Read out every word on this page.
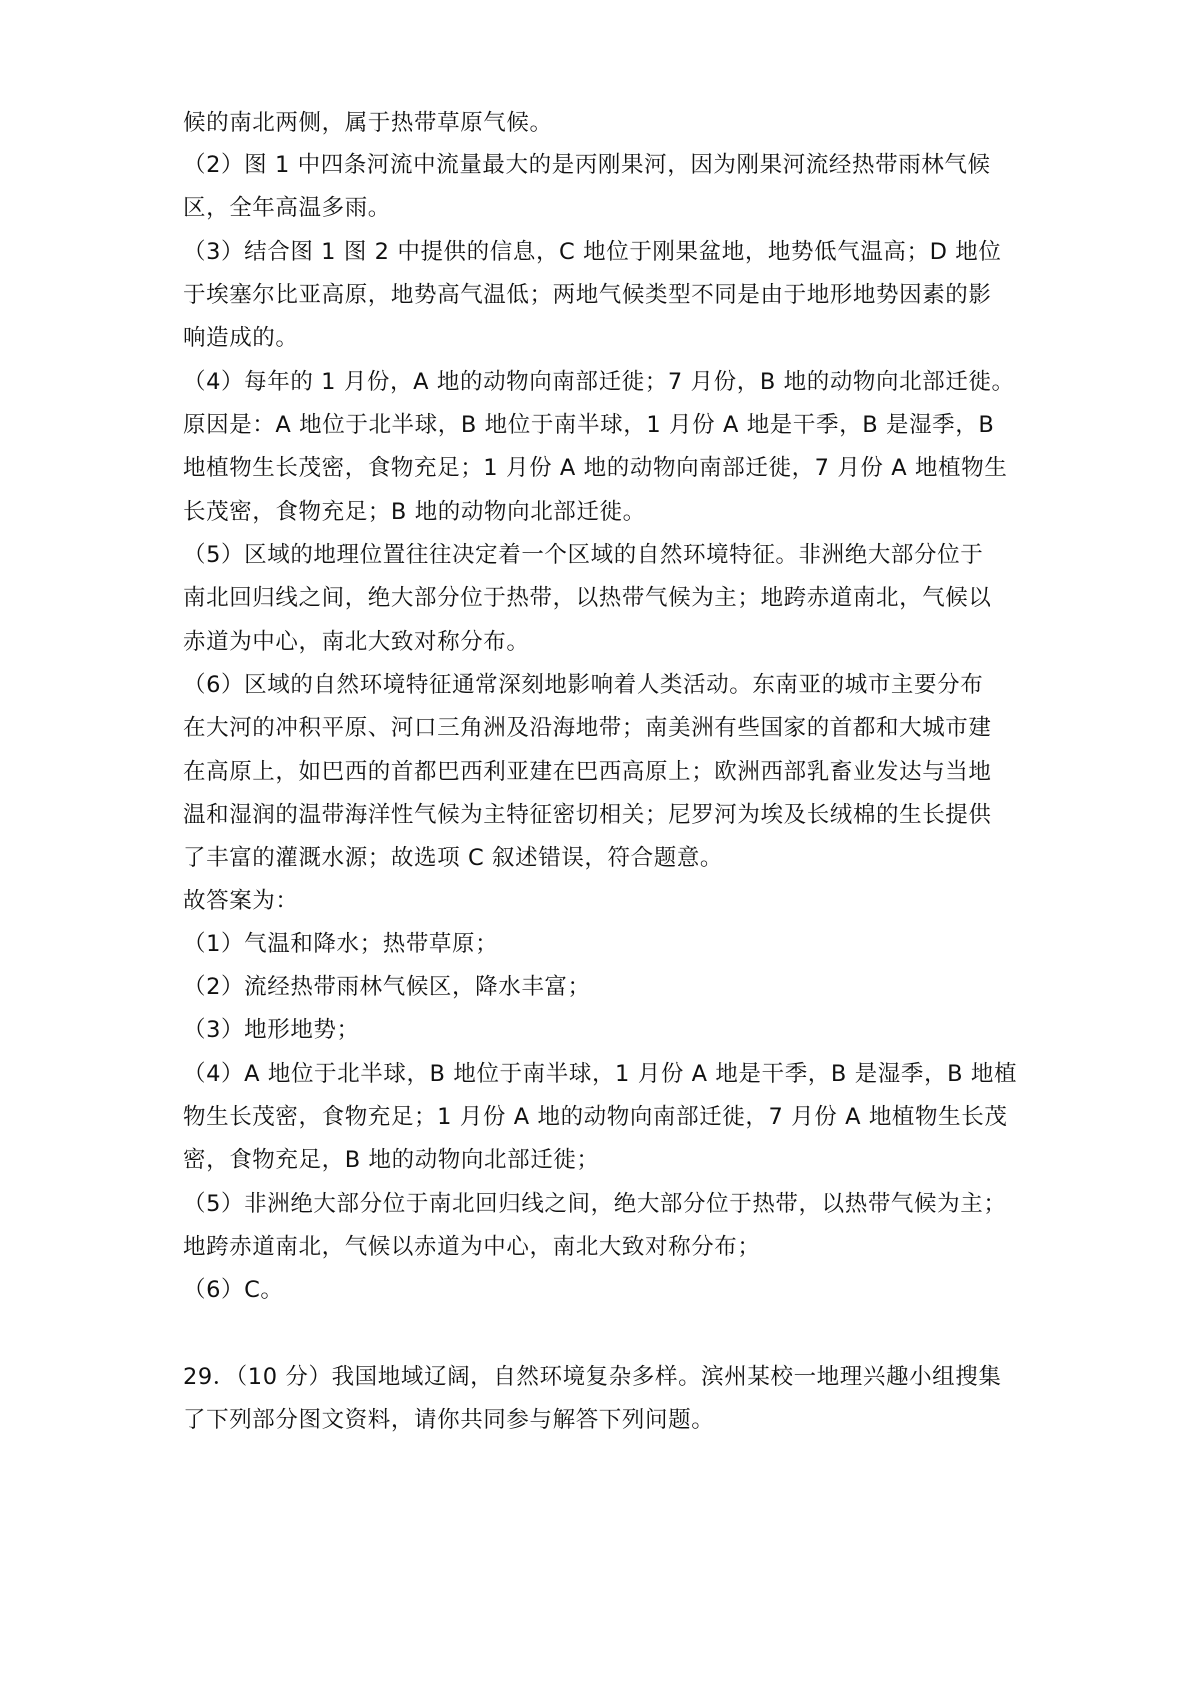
候的南北两侧，属于热带草原气候。
（2）图 1 中四条河流中流量最大的是丙刚果河，因为刚果河流经热带雨林气候
区，全年高温多雨。
（3）结合图 1 图 2 中提供的信息，C 地位于刚果盆地，地势低气温高；D 地位
于埃塞尔比亚高原，地势高气温低；两地气候类型不同是由于地形地势因素的影
响造成的。
（4）每年的 1 月份，A 地的动物向南部迁徙；7 月份，B 地的动物向北部迁徙。
原因是：A 地位于北半球，B 地位于南半球，1 月份 A 地是干季，B 是湿季，B
地植物生长茂密，食物充足；1 月份 A 地的动物向南部迁徙，7 月份 A 地植物生
长茂密，食物充足；B 地的动物向北部迁徙。
（5）区域的地理位置往往决定着一个区域的自然环境特征。非洲绝大部分位于
南北回归线之间，绝大部分位于热带，以热带气候为主；地跨赤道南北，气候以
赤道为中心，南北大致对称分布。
（6）区域的自然环境特征通常深刻地影响着人类活动。东南亚的城市主要分布
在大河的冲积平原、河口三角洲及沿海地带；南美洲有些国家的首都和大城市建
在高原上，如巴西的首都巴西利亚建在巴西高原上；欧洲西部乳畜业发达与当地
温和湿润的温带海洋性气候为主特征密切相关；尼罗河为埃及长绒棉的生长提供
了丰富的灌溉水源；故选项 C 叙述错误，符合题意。
故答案为：
（1）气温和降水；热带草原；
（2）流经热带雨林气候区，降水丰富；
（3）地形地势；
（4）A 地位于北半球，B 地位于南半球，1 月份 A 地是干季，B 是湿季，B 地植
物生长茂密，食物充足；1 月份 A 地的动物向南部迁徙，7 月份 A 地植物生长茂
密，食物充足，B 地的动物向北部迁徙；
（5）非洲绝大部分位于南北回归线之间，绝大部分位于热带，以热带气候为主；
地跨赤道南北，气候以赤道为中心，南北大致对称分布；
（6）C。
29．（10 分）我国地域辽阔，自然环境复杂多样。滨州某校一地理兴趣小组搜集
了下列部分图文资料，请你共同参与解答下列问题。
